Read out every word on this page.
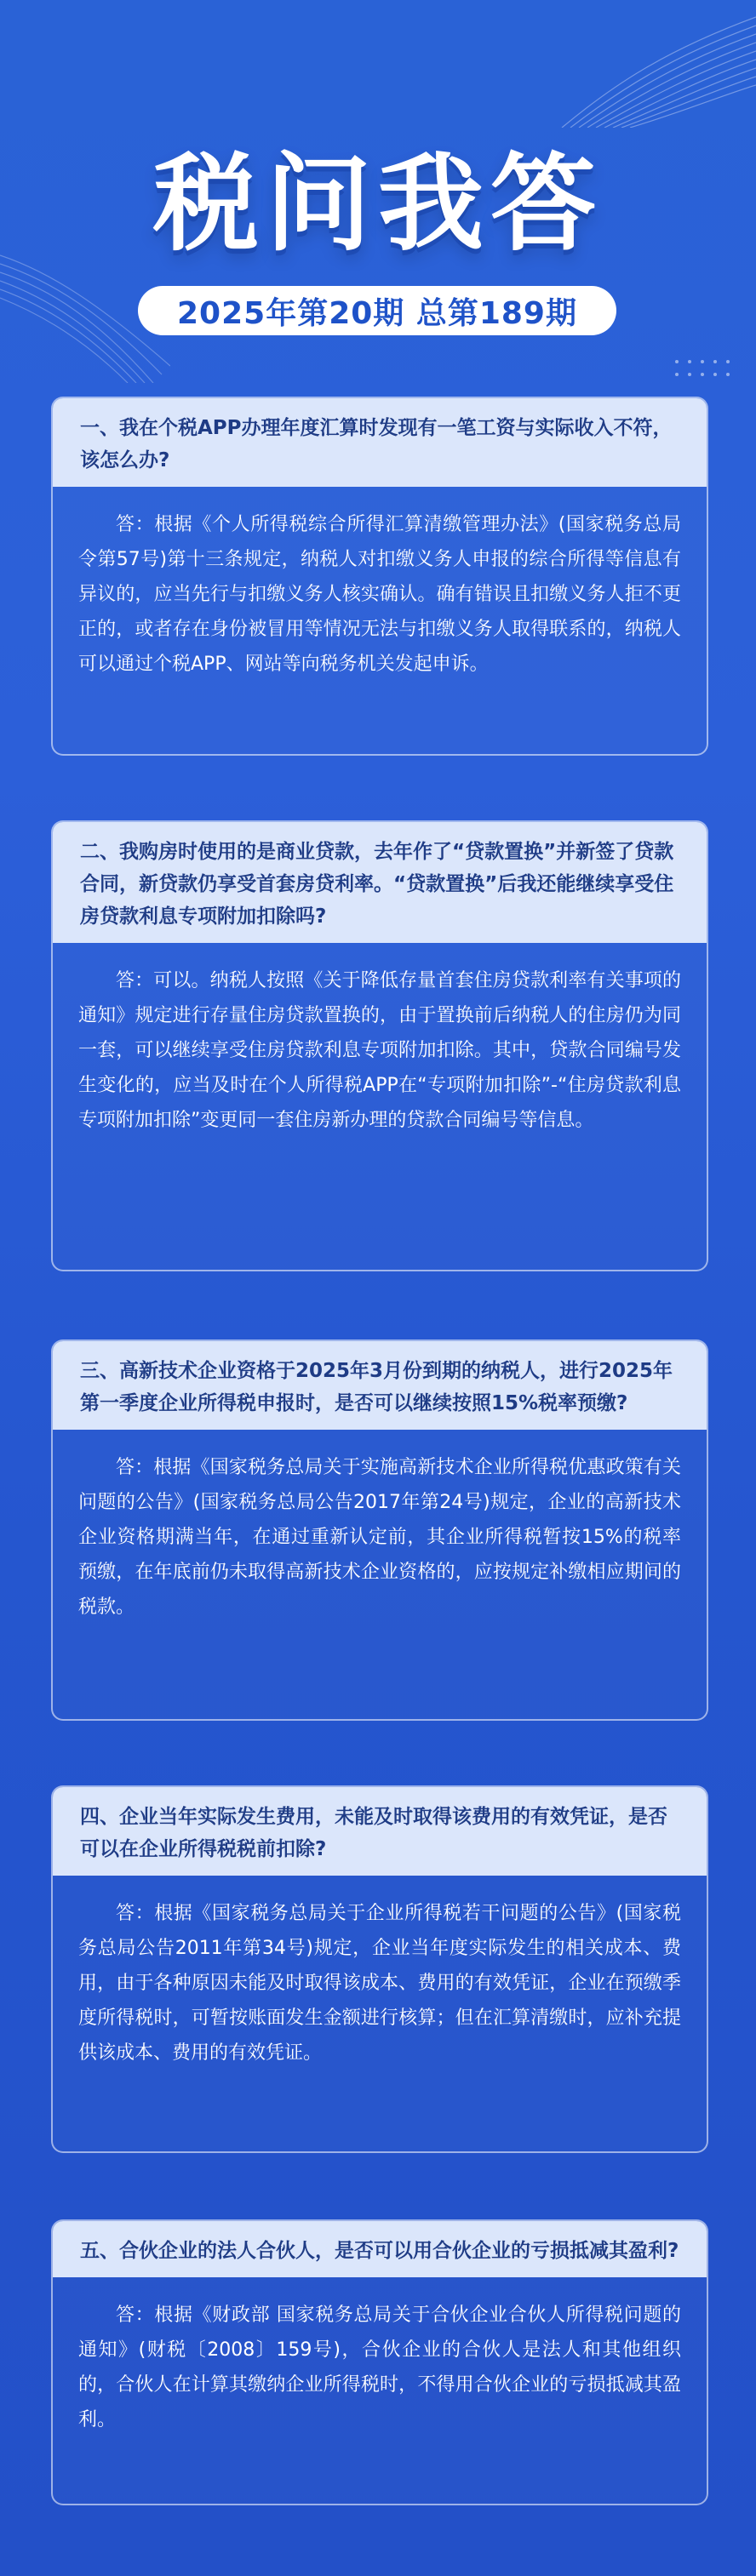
税问我答
2025年第20期 总第189期
一、我在个税APP办理年度汇算时发现有一笔工资与实际收入不符，该怎么办?
答：根据《个人所得税综合所得汇算清缴管理办法》(国家税务总局令第57号)第十三条规定，纳税人对扣缴义务人申报的综合所得等信息有异议的，应当先行与扣缴义务人核实确认。确有错误且扣缴义务人拒不更正的，或者存在身份被冒用等情况无法与扣缴义务人取得联系的，纳税人可以通过个税APP、网站等向税务机关发起申诉。
二、我购房时使用的是商业贷款，去年作了“贷款置换”并新签了贷款合同，新贷款仍享受首套房贷利率。“贷款置换”后我还能继续享受住房贷款利息专项附加扣除吗?
答：可以。纳税人按照《关于降低存量首套住房贷款利率有关事项的通知》规定进行存量住房贷款置换的，由于置换前后纳税人的住房仍为同一套，可以继续享受住房贷款利息专项附加扣除。其中，贷款合同编号发生变化的，应当及时在个人所得税APP在“专项附加扣除”-“住房贷款利息专项附加扣除”变更同一套住房新办理的贷款合同编号等信息。
三、高新技术企业资格于2025年3月份到期的纳税人，进行2025年第一季度企业所得税申报时，是否可以继续按照15%税率预缴?
答：根据《国家税务总局关于实施高新技术企业所得税优惠政策有关问题的公告》(国家税务总局公告2017年第24号)规定，企业的高新技术企业资格期满当年，在通过重新认定前，其企业所得税暂按15%的税率预缴，在年底前仍未取得高新技术企业资格的，应按规定补缴相应期间的税款。
四、企业当年实际发生费用，未能及时取得该费用的有效凭证，是否可以在企业所得税税前扣除?
答：根据《国家税务总局关于企业所得税若干问题的公告》(国家税务总局公告2011年第34号)规定，企业当年度实际发生的相关成本、费用，由于各种原因未能及时取得该成本、费用的有效凭证，企业在预缴季度所得税时，可暂按账面发生金额进行核算；但在汇算清缴时，应补充提供该成本、费用的有效凭证。
五、合伙企业的法人合伙人，是否可以用合伙企业的亏损抵减其盈利?
答：根据《财政部 国家税务总局关于合伙企业合伙人所得税问题的通知》(财税〔2008〕159号)，合伙企业的合伙人是法人和其他组织的，合伙人在计算其缴纳企业所得税时，不得用合伙企业的亏损抵减其盈利。
